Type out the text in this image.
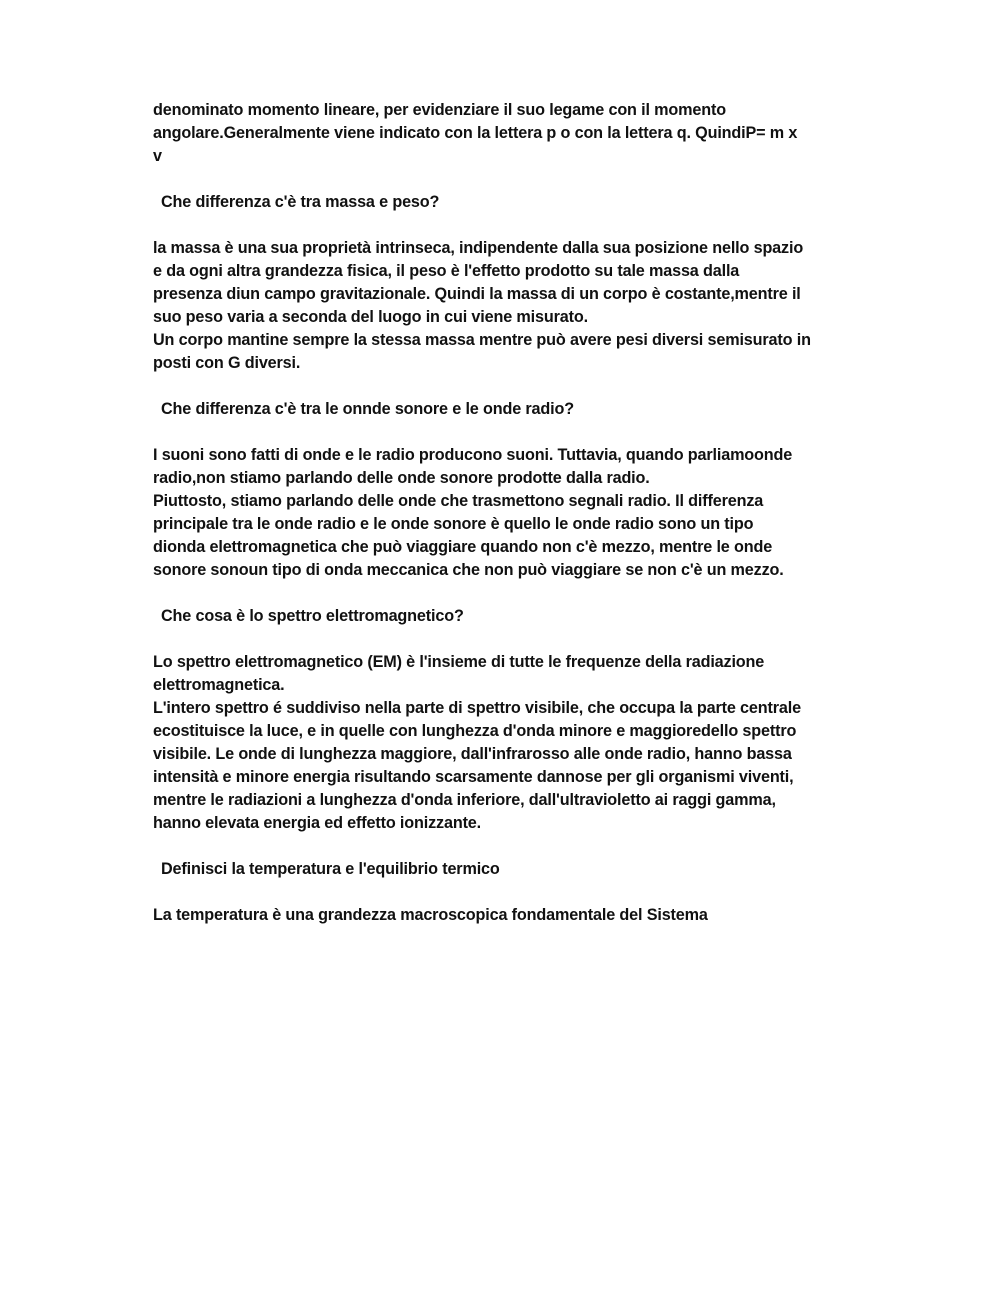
denominato momento lineare, per evidenziare il suo legame con il momento

angolare.Generalmente viene indicato con la lettera p o con la lettera q. QuindiP= m x

v

Che differenza c'è tra massa e peso?

la massa è una sua proprietà intrinseca, indipendente dalla sua posizione nello spazio

e da ogni altra grandezza fisica, il peso è l'effetto prodotto su tale massa dalla

presenza diun campo gravitazionale. Quindi la massa di un corpo è costante,mentre il

suo peso varia a seconda del luogo in cui viene misurato.

Un corpo mantine sempre la stessa massa mentre può avere pesi diversi semisurato in

posti con G diversi.

Che differenza c'è tra le onnde sonore e le onde radio?

I suoni sono fatti di onde e le radio producono suoni. Tuttavia, quando parliamoonde

radio,non stiamo parlando delle onde sonore prodotte dalla radio.

Piuttosto, stiamo parlando delle onde che trasmettono segnali radio. Il differenza

principale tra le onde radio e le onde sonore è quello le onde radio sono un tipo

dionda elettromagnetica che può viaggiare quando non c'è mezzo, mentre le onde

sonore sonoun tipo di onda meccanica che non può viaggiare se non c'è un mezzo.

Che cosa è lo spettro elettromagnetico?

Lo spettro elettromagnetico (EM) è l'insieme di tutte le frequenze della radiazione

elettromagnetica.

L'intero spettro é suddiviso nella parte di spettro visibile, che occupa la parte centrale

ecostituisce la luce, e in quelle con lunghezza d'onda minore e maggioredello spettro

visibile. Le onde di lunghezza maggiore, dall'infrarosso alle onde radio, hanno bassa

intensità e minore energia risultando scarsamente dannose per gli organismi viventi,

mentre le radiazioni a lunghezza d'onda inferiore, dall'ultravioletto ai raggi gamma,

hanno elevata energia ed effetto ionizzante.

Definisci la temperatura e l'equilibrio termico

La temperatura è una grandezza macroscopica fondamentale del Sistema
